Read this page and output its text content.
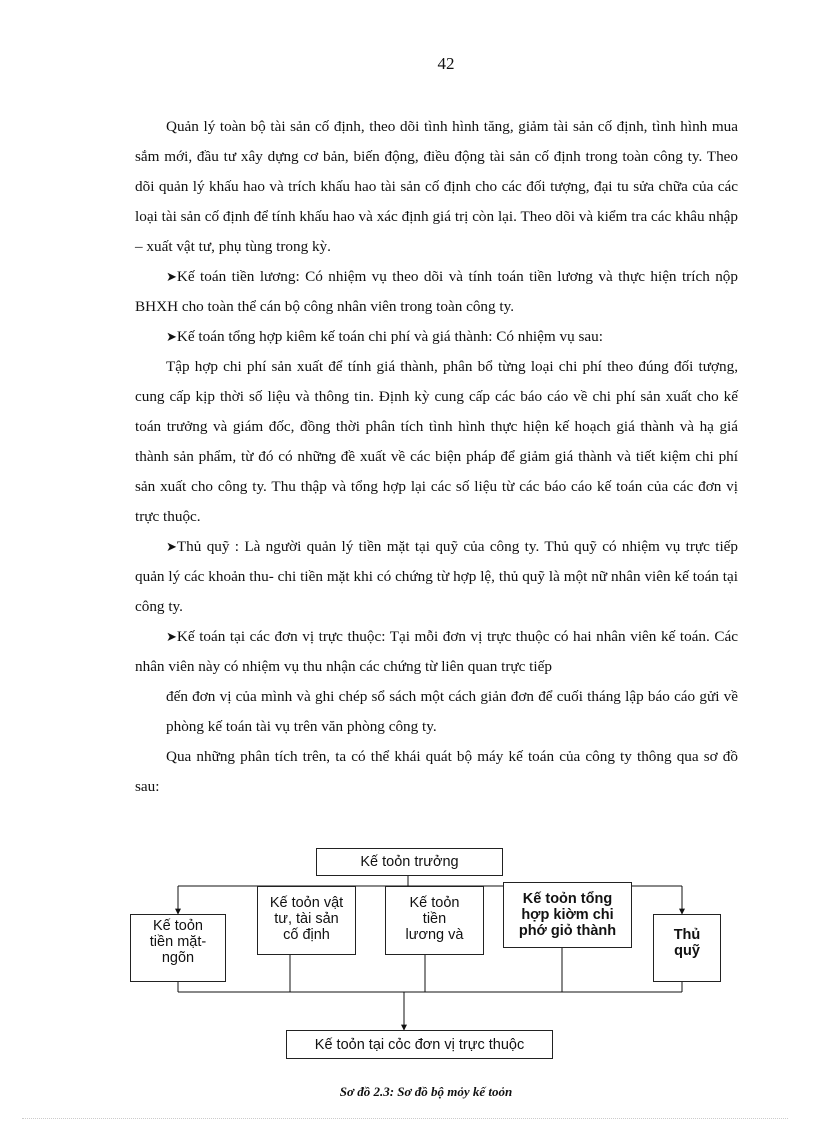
42

Quản lý toàn bộ tài sản cố định, theo dõi tình hình tăng, giảm tài sản cố định, tình hình mua sắm mới, đầu tư xây dựng cơ bản, biến động, điều động tài sản cố định trong toàn công ty. Theo dõi quản lý khấu hao và trích khấu hao tài sản cố định cho các đối tượng, đại tu sửa chữa của các loại tài sản cố định để tính khấu hao và xác định giá trị còn lại. Theo dõi và kiểm tra các khâu nhập – xuất vật tư, phụ tùng trong kỳ.

➤Kế toán tiền lương: Có nhiệm vụ theo dõi và tính toán tiền lương và thực hiện trích nộp BHXH cho toàn thể cán bộ công nhân viên trong toàn công ty.

➤Kế toán tổng hợp kiêm kế toán chi phí và giá thành: Có nhiệm vụ sau:

Tập hợp chi phí sản xuất để tính giá thành, phân bổ từng loại chi phí theo đúng đối tượng, cung cấp kịp thời số liệu và thông tin. Định kỳ cung cấp các báo cáo về chi phí sản xuất cho kế toán trưởng và giám đốc, đồng thời phân tích tình hình thực hiện kế hoạch giá thành và hạ giá thành sản phẩm, từ đó có những đề xuất về các biện pháp để giảm giá thành và tiết kiệm chi phí sản xuất cho công ty. Thu thập và tổng hợp lại các số liệu từ các báo cáo kế toán của các đơn vị trực thuộc.

➤Thủ quỹ : Là người quản lý tiền mặt tại quỹ của công ty. Thủ quỹ có nhiệm vụ trực tiếp quản lý các khoản thu- chi tiền mặt khi có chứng từ hợp lệ, thủ quỹ là một nữ nhân viên kế toán tại công ty.

➤Kế toán tại các đơn vị trực thuộc: Tại mỗi đơn vị trực thuộc có hai nhân viên kế toán. Các nhân viên này có nhiệm vụ thu nhận các chứng từ liên quan trực tiếp

đến đơn vị của mình và ghi chép sổ sách một cách giản đơn để cuối tháng lập báo cáo gửi về phòng kế toán tài vụ trên văn phòng công ty.

Qua những phân tích trên, ta có thể khái quát bộ máy kế toán của công ty thông qua sơ đồ sau:

Kế toỏn trưởng
Kế toỏn
tiền mặt-
ngõn
Kế toỏn vật
tư, tài sản
cố định
Kế toỏn
tiền
lương và
Kế toỏn tổng
hợp kiờm chi
phớ giỏ thành	Thủ
quỹ
Kế toỏn tại cỏc đơn vị trực thuộc
Sơ đồ 2.3: Sơ đồ bộ mỏy kế toỏn
